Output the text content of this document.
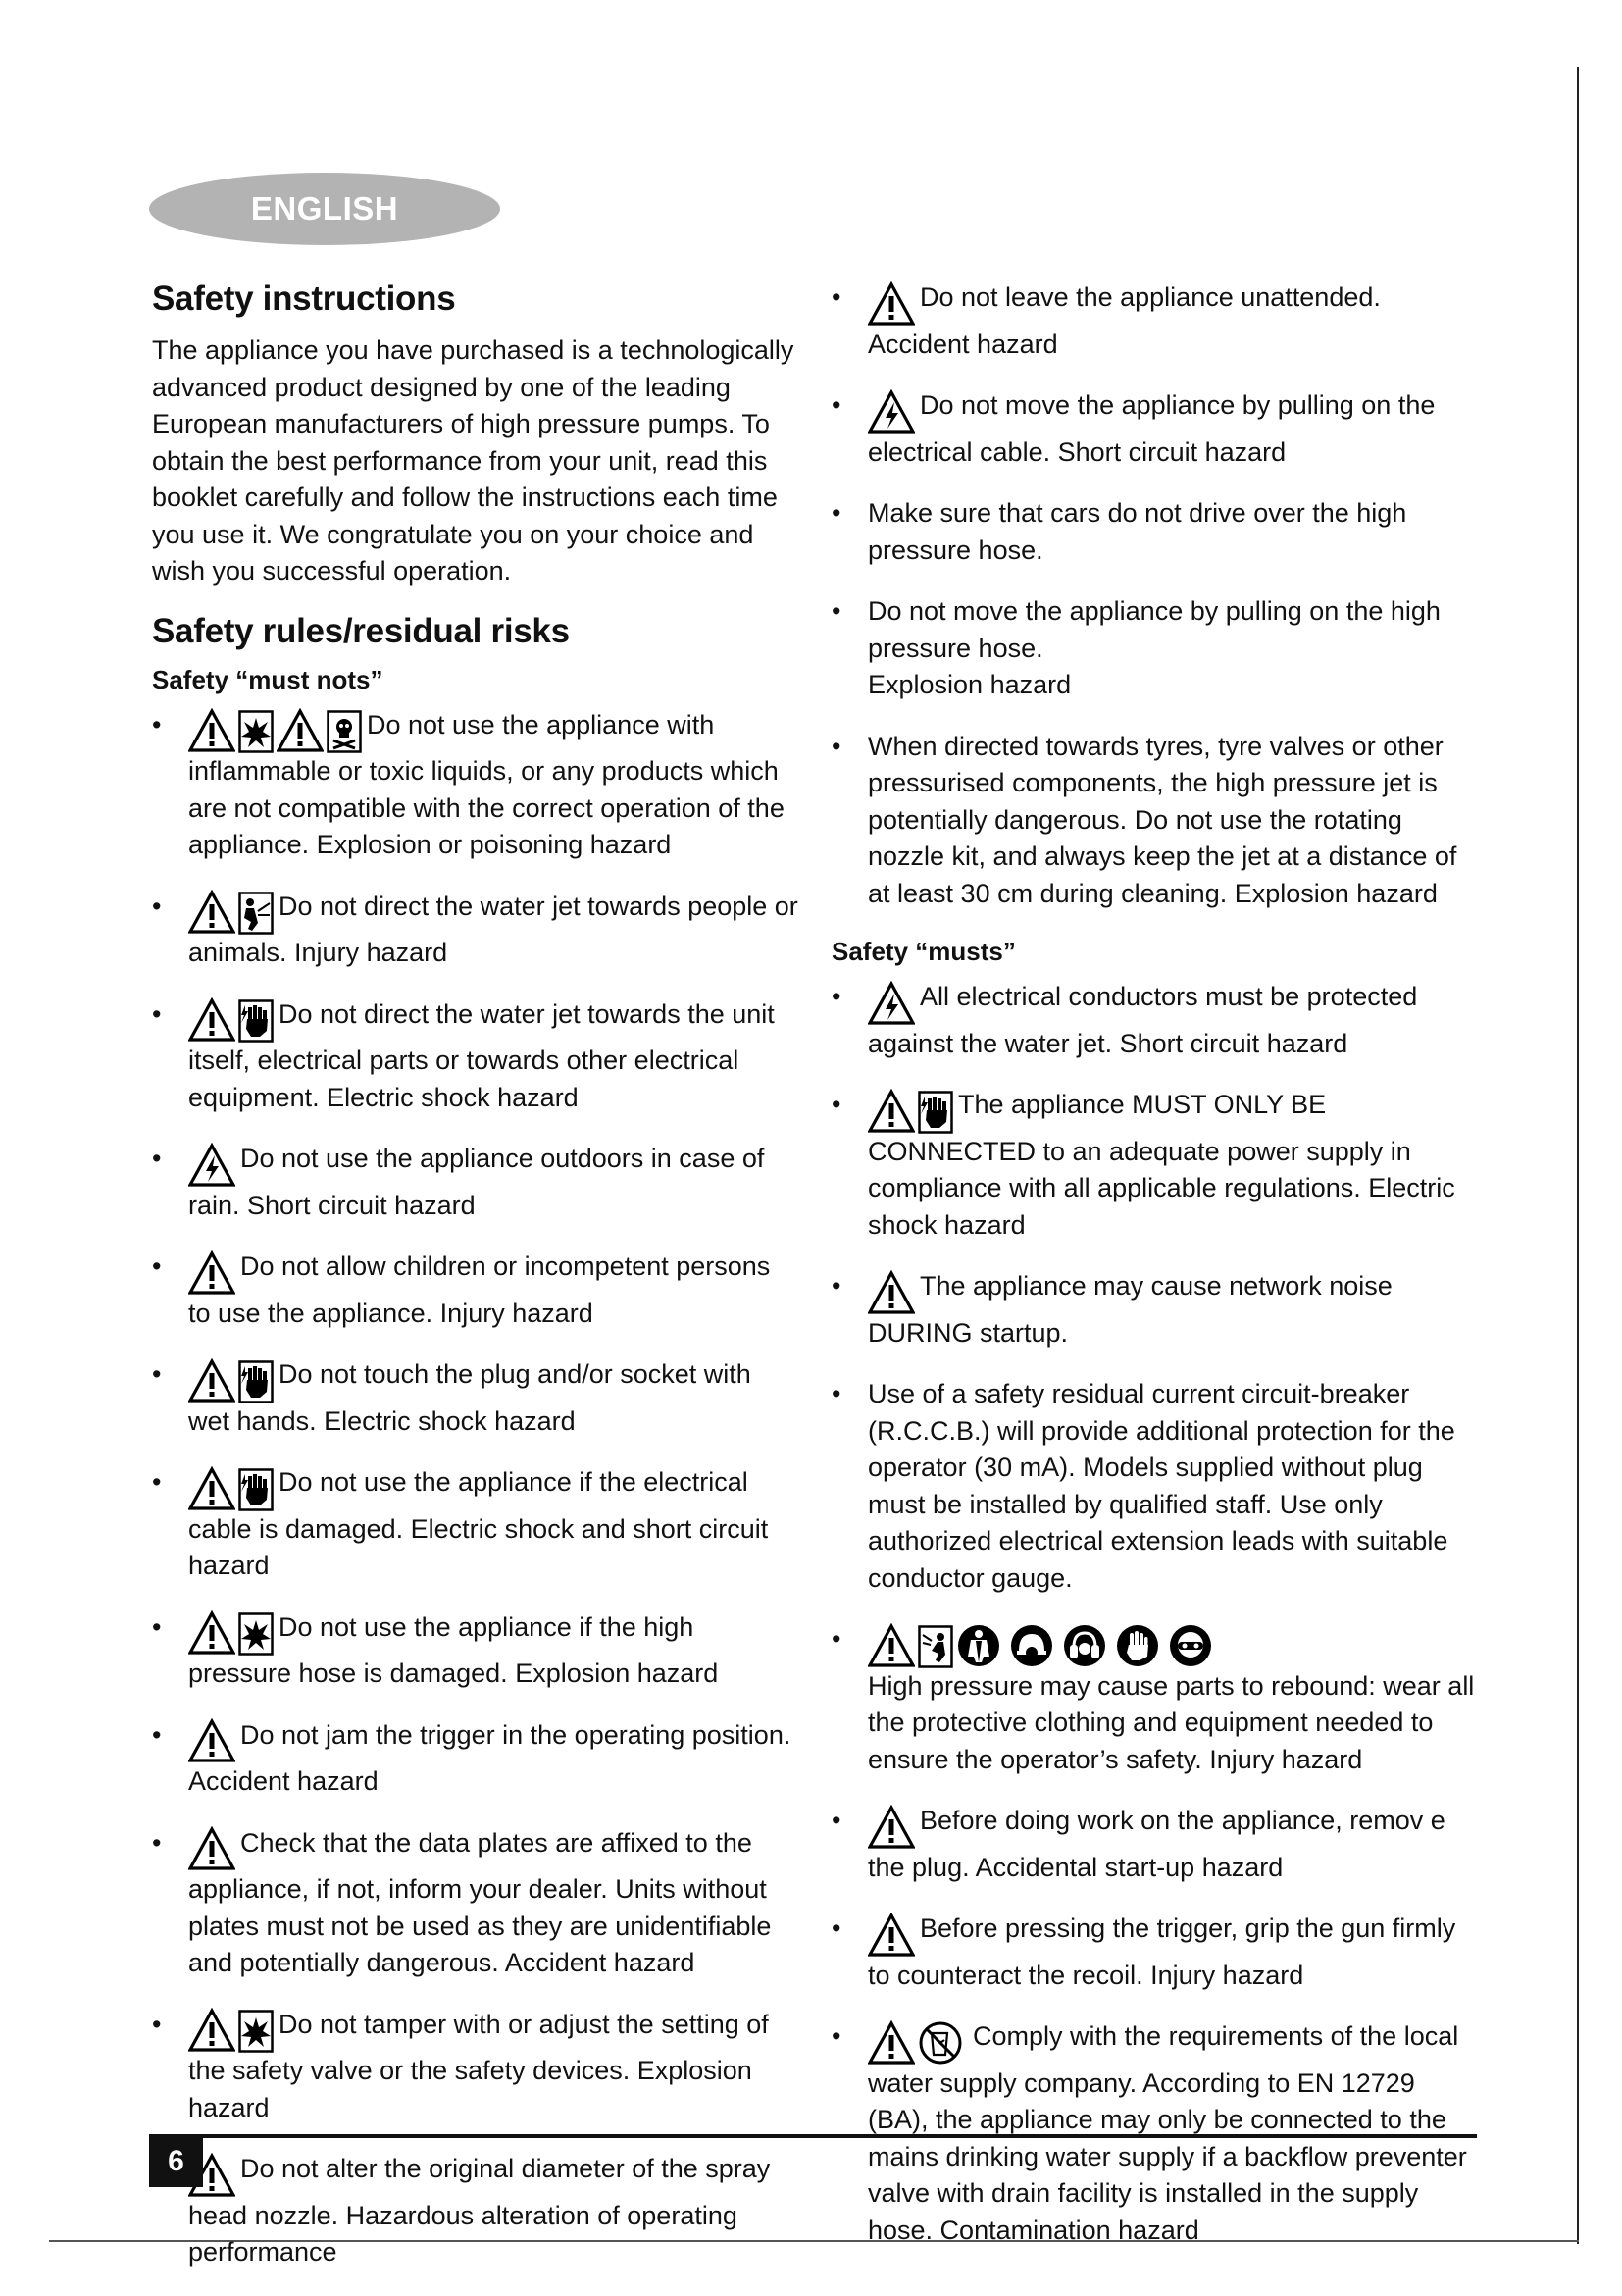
ENGLISH
Safety instructions

The appliance you have purchased is a technologically advanced product designed by one of the leading European manufacturers of high pressure pumps. To obtain the best performance from your unit, read this booklet carefully and follow the instructions each time you use it. We congratulate you on your choice and wish you successful operation.

Safety rules/residual risks
Safety “must nots”
• Do not use the appliance with inflammable or toxic liquids, or any products which are not compatible with the correct operation of the appliance. Explosion or poisoning hazard
• Do not direct the water jet towards people or animals. Injury hazard
• Do not direct the water jet towards the unit itself, electrical parts or towards other electrical equipment. Electric shock hazard
• Do not use the appliance outdoors in case of rain. Short circuit hazard
• Do not allow children or incompetent persons to use the appliance. Injury hazard
• Do not touch the plug and/or socket with wet hands. Electric shock hazard
• Do not use the appliance if the electrical cable is damaged. Electric shock and short circuit hazard
• Do not use the appliance if the high pressure hose is damaged. Explosion hazard
• Do not jam the trigger in the operating position. Accident hazard
• Check that the data plates are affixed to the appliance, if not, inform your dealer. Units without plates must not be used as they are unidentifiable and potentially dangerous. Accident hazard
• Do not tamper with or adjust the setting of the safety valve or the safety devices. Explosion hazard
• Do not alter the original diameter of the spray head nozzle. Hazardous alteration of operating performance
• Do not leave the appliance unattended. Accident hazard
• Do not move the appliance by pulling on the electrical cable. Short circuit hazard
• Make sure that cars do not drive over the high pressure hose.
• Do not move the appliance by pulling on the high pressure hose.
Explosion hazard
• When directed towards tyres, tyre valves or other pressurised components, the high pressure jet is potentially dangerous. Do not use the rotating nozzle kit, and always keep the jet at a distance of at least 30 cm during cleaning. Explosion hazard
Safety “musts”
• All electrical conductors must be protected against the water jet. Short circuit hazard
• The appliance MUST ONLY BE CONNECTED to an adequate power supply in compliance with all applicable regulations. Electric shock hazard
• The appliance may cause network noise DURING startup.
• Use of a safety residual current circuit-breaker (R.C.C.B.) will provide additional protection for the operator (30 mA). Models supplied without plug must be installed by qualified staff. Use only authorized electrical extension leads with suitable conductor gauge.

• High pressure may cause parts to rebound: wear all the protective clothing and equipment needed to ensure the operator’s safety. Injury hazard
• Before doing work on the appliance, remov e the plug. Accidental start-up hazard
• Before pressing the trigger, grip the gun firmly to counteract the recoil. Injury hazard
• Comply with the requirements of the local water supply company. According to EN 12729 (BA), the appliance may only be connected to the mains drinking water supply if a backflow preventer valve with drain facility is installed in the supply hose. Contamination hazard
6
